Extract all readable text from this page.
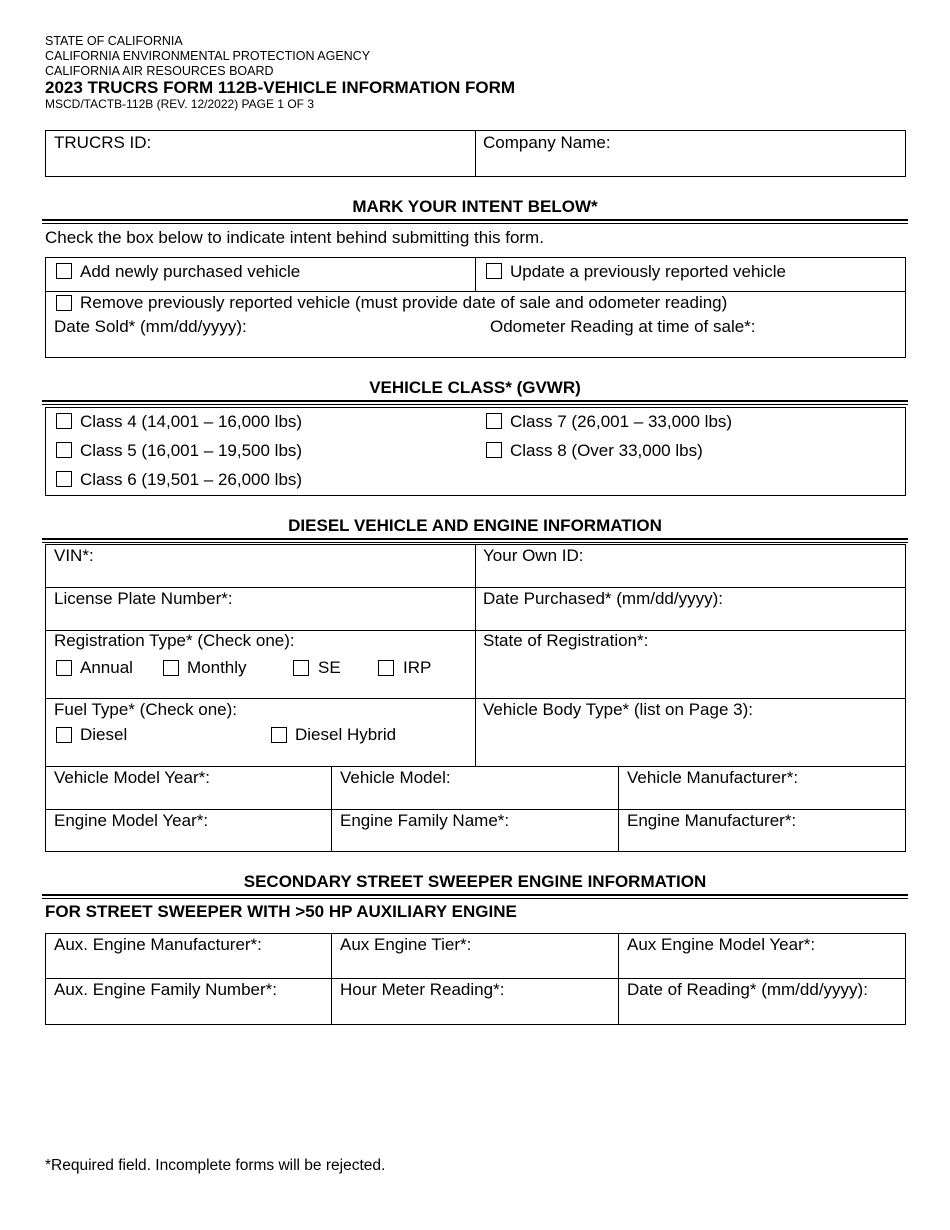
STATE OF CALIFORNIA
CALIFORNIA ENVIRONMENTAL PROTECTION AGENCY
CALIFORNIA AIR RESOURCES BOARD
2023 TRUCRS FORM 112B-VEHICLE INFORMATION FORM
MSCD/TACTB-112B (REV. 12/2022) PAGE 1 OF 3
TRUCRS ID:	Company Name:
MARK YOUR INTENT BELOW*
Check the box below to indicate intent behind submitting this form.
Add newly purchased vehicle	Update a previously reported vehicle
Remove previously reported vehicle (must provide date of sale and odometer reading)
Date Sold* (mm/dd/yyyy):	Odometer Reading at time of sale*:
VEHICLE CLASS* (GVWR)
Class 4 (14,001 – 16,000 lbs)
Class 5 (16,001 – 19,500 lbs)
Class 6 (19,501 – 26,000 lbs)
Class 7 (26,001 – 33,000 lbs)
Class 8 (Over 33,000 lbs)
DIESEL VEHICLE AND ENGINE INFORMATION
VIN*:	Your Own ID:
License Plate Number*:	Date Purchased* (mm/dd/yyyy):
Registration Type* (Check one):
Annual	Monthly	SE	IRP
State of Registration*:
Fuel Type* (Check one):
Diesel	Diesel Hybrid
Vehicle Body Type* (list on Page 3):
Vehicle Model Year*:	Vehicle Model:	Vehicle Manufacturer*:
Engine Model Year*:	Engine Family Name*:	Engine Manufacturer*:
SECONDARY STREET SWEEPER ENGINE INFORMATION
FOR STREET SWEEPER WITH >50 HP AUXILIARY ENGINE
Aux. Engine Manufacturer*:	Aux Engine Tier*:	Aux Engine Model Year*:
Aux. Engine Family Number*:	Hour Meter Reading*:	Date of Reading* (mm/dd/yyyy):
*Required field. Incomplete forms will be rejected.
